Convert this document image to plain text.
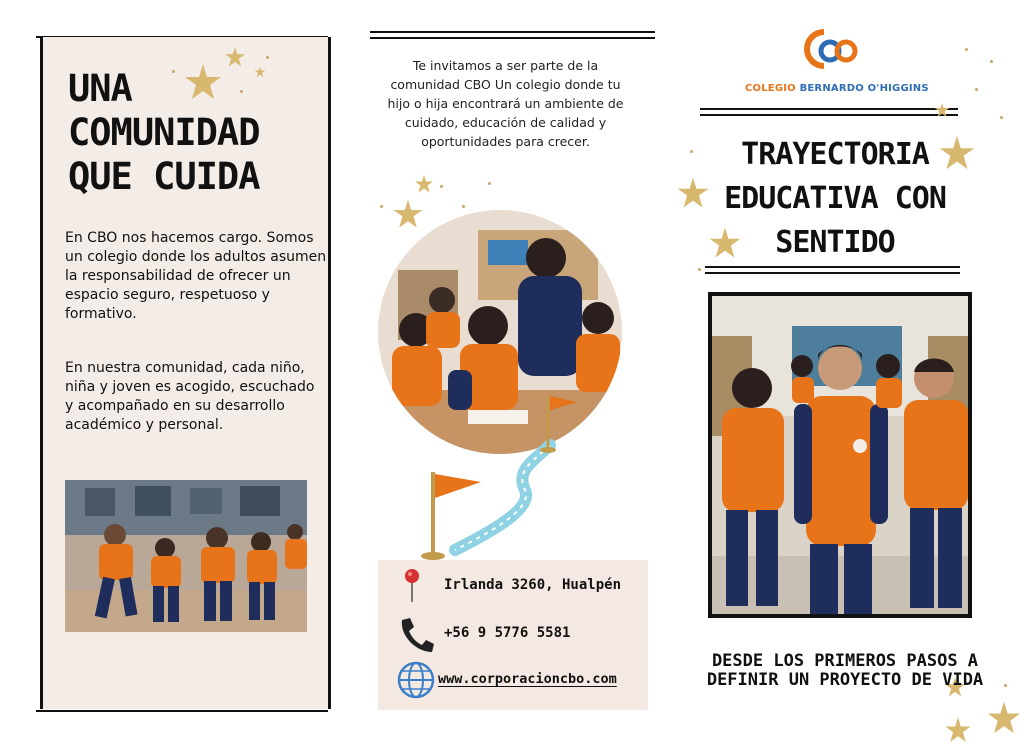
UNA
COMUNIDAD
QUE CUIDA

En CBO nos hacemos cargo. Somos un colegio donde los adultos asumen la responsabilidad de ofrecer un espacio seguro, respetuoso y formativo.

En nuestra comunidad, cada niño, niña y joven es acogido, escuchado y acompañado en su desarrollo académico y personal.

Te invitamos a ser parte de la comunidad CBO Un colegio donde tu hijo o hija encontrará un ambiente de cuidado, educación de calidad y oportunidades para crecer.

Irlanda 3260, Hualpén
+56 9 5776 5581
www.corporacioncbo.com
COLEGIO BERNARDO O'HIGGINS
TRAYECTORIA EDUCATIVA CON SENTIDO

DESDE LOS PRIMEROS PASOS A DEFINIR UN PROYECTO DE VIDA
